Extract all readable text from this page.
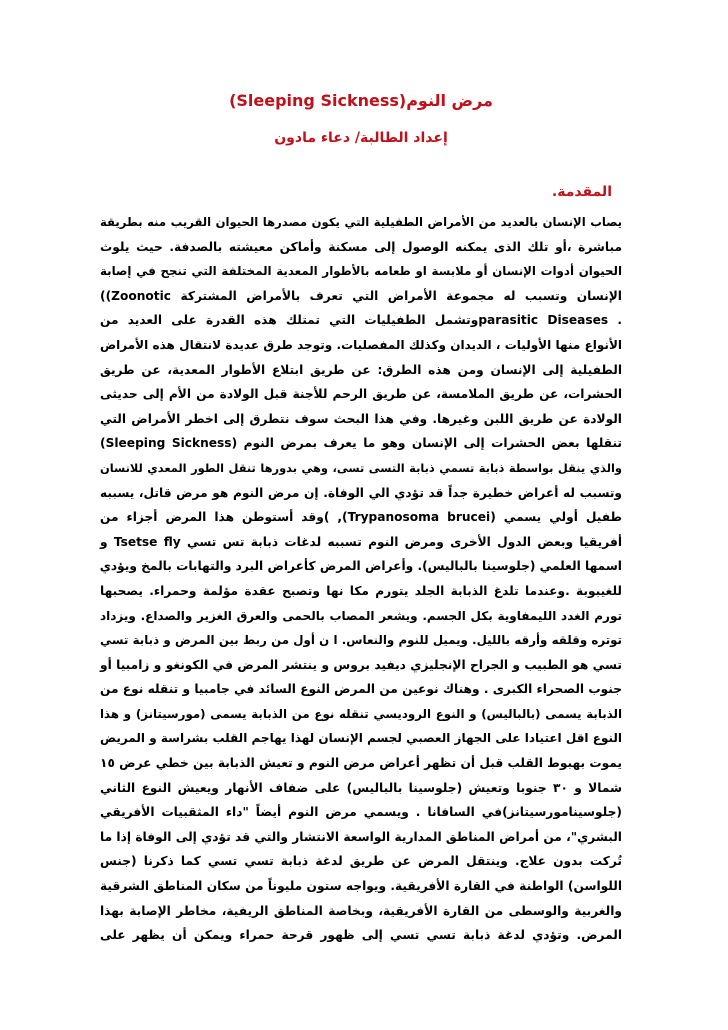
مرض النوم(Sleeping Sickness)
إعداد الطالبة/ دعاء مادون
المقدمة.
يصاب الإنسان بالعديد من الأمراض الطفيلية التي يكون مصدرها الحيوان القريب منه بطريقة
مباشرة ،أو تلك الذى يمكنه الوصول إلى مسكنة وأماكن معيشته بالصدفة. حيث يلوث
الحيوان أدوات الإنسان أو ملابسة او طعامه بالأطوار المعدية المختلفة التي تنجح في إصابة
الإنسان وتسبب له مجموعة الأمراض التي تعرف بالأمراض المشتركة Zoonotic))
. parasitic Diseasesوتشمل الطفيليات التي تمتلك هذه القدرة على العديد من
الأنواع منها الأوليات ، الديدان وكذلك المفصليات. وتوجد طرق عديدة لانتقال هذه الأمراض
الطفيلية إلى الإنسان ومن هذه الطرق: عن طريق ابتلاع الأطوار المعدية، عن طريق
الحشرات، عن طريق الملامسة، عن طريق الرحم للأجنة قبل الولادة من الأم إلى حديثى
الولادة عن طريق اللبن وغيرها. وفي هذا البحث سوف نتطرق إلى اخطر الأمراض التي
تنقلها بعض الحشرات إلى الإنسان وهو ما يعرف بمرض النوم (Sleeping Sickness)
والذي ينقل بواسطة ذبابة تسمي ذبابة التسى تسى، وهي بدورها تنقل الطور المعدي للانسان
وتسبب له أعراض خطيرة جداً قد تؤدي الي الوفاة. إن مرض النوم هو مرض قاتل، يسببه
طفيل أولي يسمي (Trypanosoma brucei), )وقد أستوطن هذا المرض أجزاء من
أفريقيا وبعض الدول الأخرى ومرض النوم تسببه لدغات ذبابة تس تسي Tsetse fly و
اسمها العلمي (جلوسينا بالباليس). وأعراض المرض كأعراض البرد والتهابات بالمخ ويؤدي
للغيبوبة .وعندما تلدغ الذبابة الجلد يتورم مكا نها وتصبح عقدة مؤلمة وحمراء. يصحبها
تورم الغدد الليمفاوية بكل الجسم. ويشعر المصاب بالحمى والعرق الغزير والصداع. ويزداد
توتره وقلقه وأرقه بالليل. ويميل للنوم والنعاس. ا ن أول من ربط بين المرض و ذبابة تسي
تسي هو الطبيب و الجراح الإنجليزي ديفيد بروس و ينتشر المرض في الكونغو و زامبيا أو
جنوب الصحراء الكبرى . وهناك نوعين من المرض النوع السائد في جامبيا و تنقله نوع من
الذبابة يسمى (بالباليس) و النوع الروديسي تنقله نوع من الذبابة يسمى (مورسيتانز) و هذا
النوع اقل اعتيادا على الجهاز العصبي لجسم الإنسان لهذا يهاجم القلب بشراسة و المريض
يموت بهبوط القلب قبل أن تظهر أعراض مرض النوم و تعيش الذبابة بين خطي عرض ١٥
شمالا و ٣٠ جنوبا وتعيش (جلوسينا بالباليس) على ضفاف الأنهار ويعيش النوع الثاني
(جلوسينامورسيتانز)في السافانا . ويسمي مرض النوم أيضاً "داء المثقبيات الأفريقي
البشري"، من أمراض المناطق المدارية الواسعة الانتشار والتي قد تؤدي إلى الوفاة إذا ما
تُركت بدون علاج. وينتقل المرض عن طريق لدغة ذبابة تسي تسي كما ذكرنا (جنس
اللواسن) الواطنة في القارة الأفريقية. ويواجه ستون مليوناً من سكان المناطق الشرقية
والغربية والوسطى من القارة الأفريقية، وبخاصة المناطق الريفية، مخاطر الإصابة بهذا
المرض. وتؤدي لدغة ذبابة تسي تسي إلى ظهور قرحة حمراء ويمكن أن يظهر على
